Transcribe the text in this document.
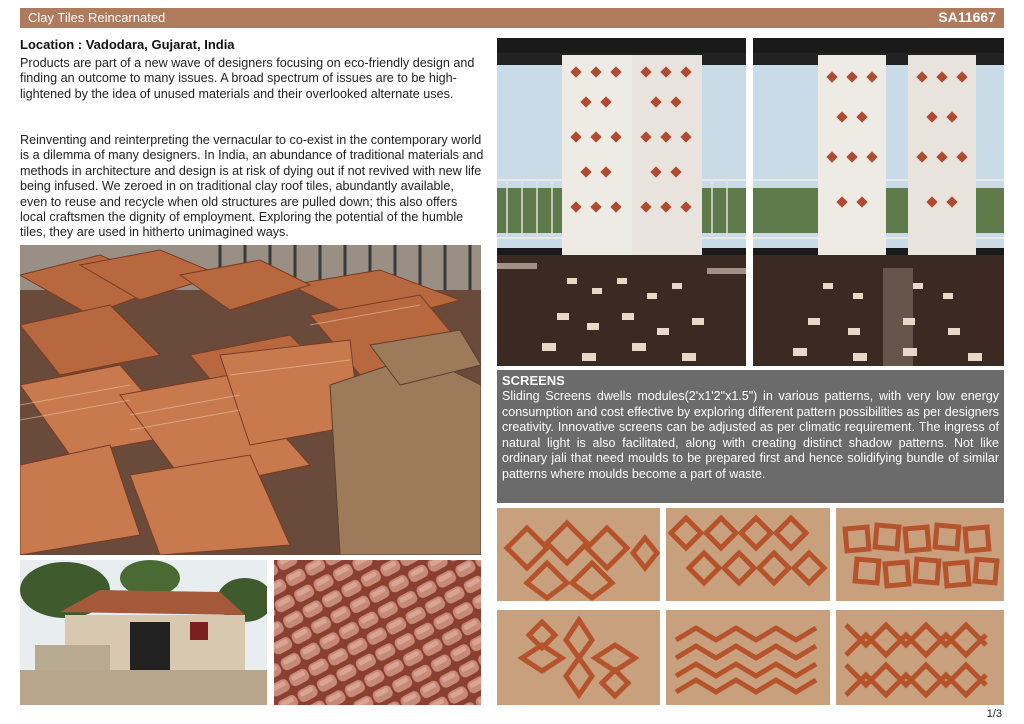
Clay Tiles Reincarnated	SA11667
Location : Vadodara, Gujarat, India

Products are part of a new wave of designers focusing on eco-friendly design and finding an outcome to many issues. A broad spectrum of issues are to be high-lightened by the idea of unused materials and their overlooked alternate uses.

Reinventing and reinterpreting the vernacular to co-exist in the contemporary world is a dilemma of many designers. In India, an abundance of traditional materials and methods in architecture and design is at risk of dying out if not revived with new life being infused. We zeroed in on traditional clay roof tiles, abundantly available, even to reuse and recycle when old structures are pulled down; this also offers local craftsmen the dignity of employment. Exploring the potential of the humble tiles, they are used in hitherto unimagined ways.

SCREENS

Sliding Screens dwells modules(2'x1'2"x1.5") in various patterns, with very low energy consumption and cost effective by exploring different pattern possibilities as per designers creativity. Innovative screens can be adjusted as per climatic requirement. The ingress of natural light is also facilitated, along with creating distinct shadow patterns. Not like ordinary jali that need moulds to be prepared first and hence solidifying bundle of similar patterns where moulds become a part of waste.

1/3
